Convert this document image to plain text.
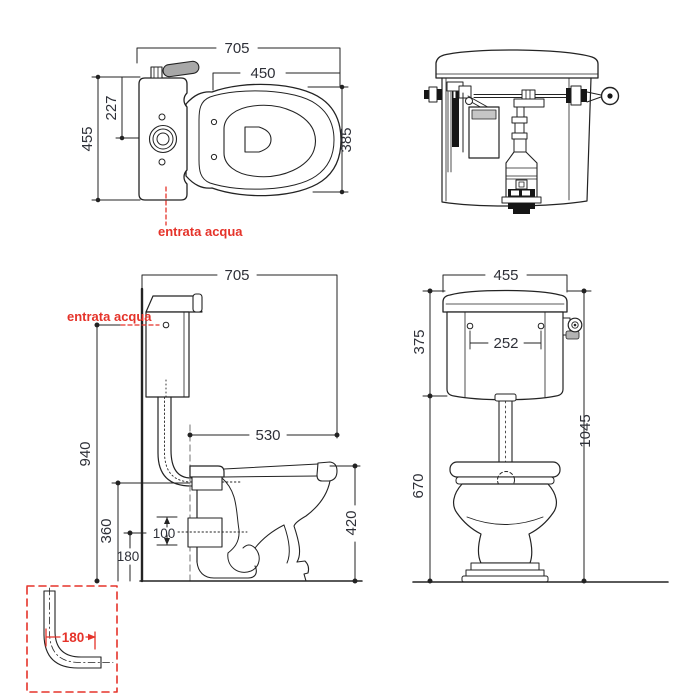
705
450
455
227
385
entrata acqua
705
940
530
360
180
100	420
entrata acqua
455
252
375
670
1045
180
